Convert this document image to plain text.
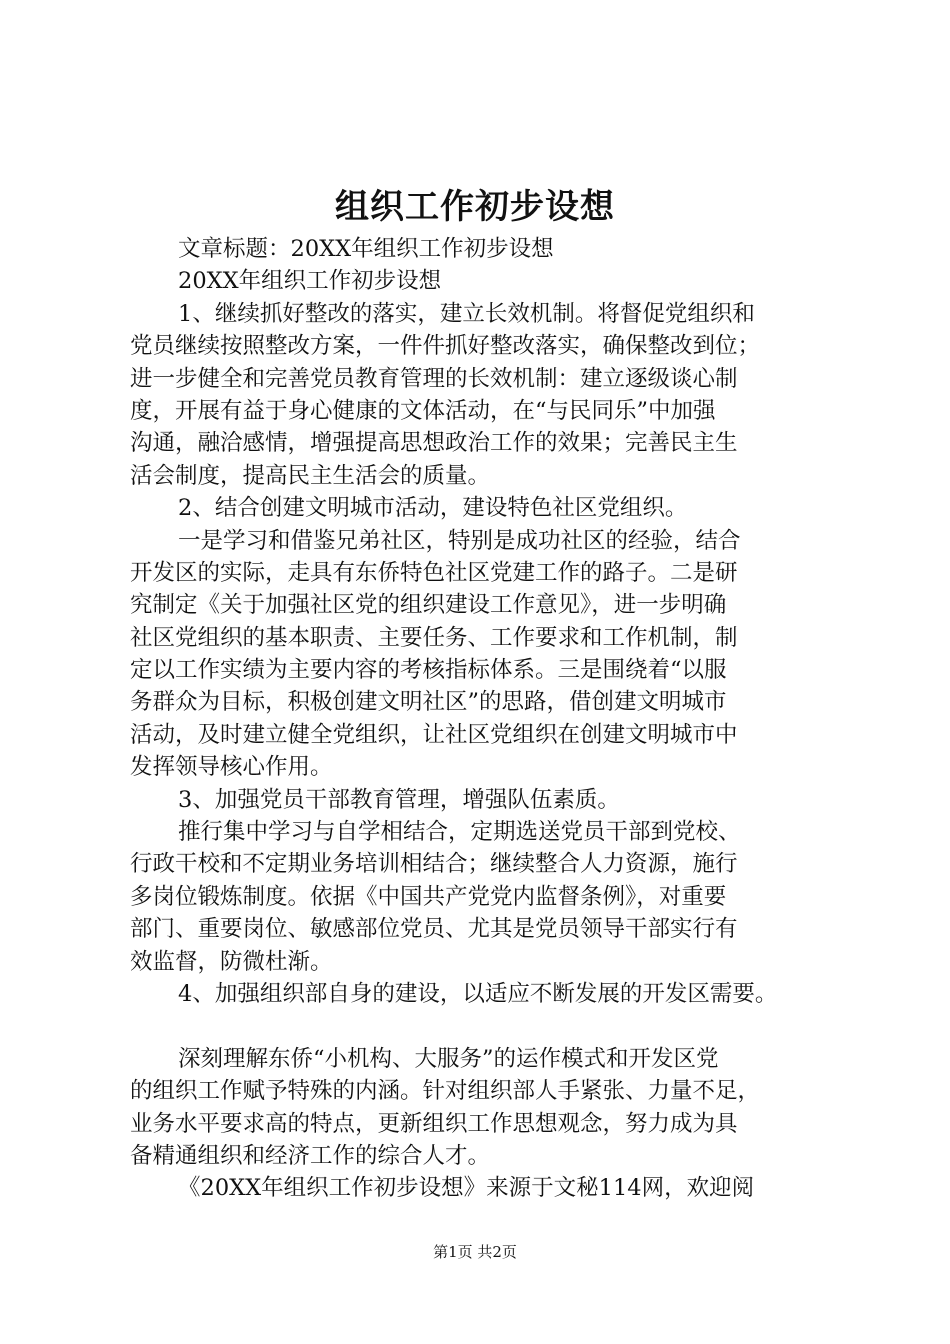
组织工作初步设想
文章标题：20XX年组织工作初步设想
20XX年组织工作初步设想
1、继续抓好整改的落实，建立长效机制。将督促党组织和
党员继续按照整改方案，一件件抓好整改落实，确保整改到位；
进一步健全和完善党员教育管理的长效机制：建立逐级谈心制
度，开展有益于身心健康的文体活动，在“与民同乐”中加强
沟通，融洽感情，增强提高思想政治工作的效果；完善民主生
活会制度，提高民主生活会的质量。
2、结合创建文明城市活动，建设特色社区党组织。
一是学习和借鉴兄弟社区，特别是成功社区的经验，结合
开发区的实际，走具有东侨特色社区党建工作的路子。二是研
究制定《关于加强社区党的组织建设工作意见》，进一步明确
社区党组织的基本职责、主要任务、工作要求和工作机制，制
定以工作实绩为主要内容的考核指标体系。三是围绕着“以服
务群众为目标，积极创建文明社区”的思路，借创建文明城市
活动，及时建立健全党组织，让社区党组织在创建文明城市中
发挥领导核心作用。
3、加强党员干部教育管理，增强队伍素质。
推行集中学习与自学相结合，定期选送党员干部到党校、
行政干校和不定期业务培训相结合；继续整合人力资源，施行
多岗位锻炼制度。依据《中国共产党党内监督条例》，对重要
部门、重要岗位、敏感部位党员、尤其是党员领导干部实行有
效监督，防微杜渐。
4、加强组织部自身的建设，以适应不断发展的开发区需要。
深刻理解东侨“小机构、大服务”的运作模式和开发区党
的组织工作赋予特殊的内涵。针对组织部人手紧张、力量不足，
业务水平要求高的特点，更新组织工作思想观念，努力成为具
备精通组织和经济工作的综合人才。
《20XX年组织工作初步设想》来源于文秘114网，欢迎阅
第1页 共2页
